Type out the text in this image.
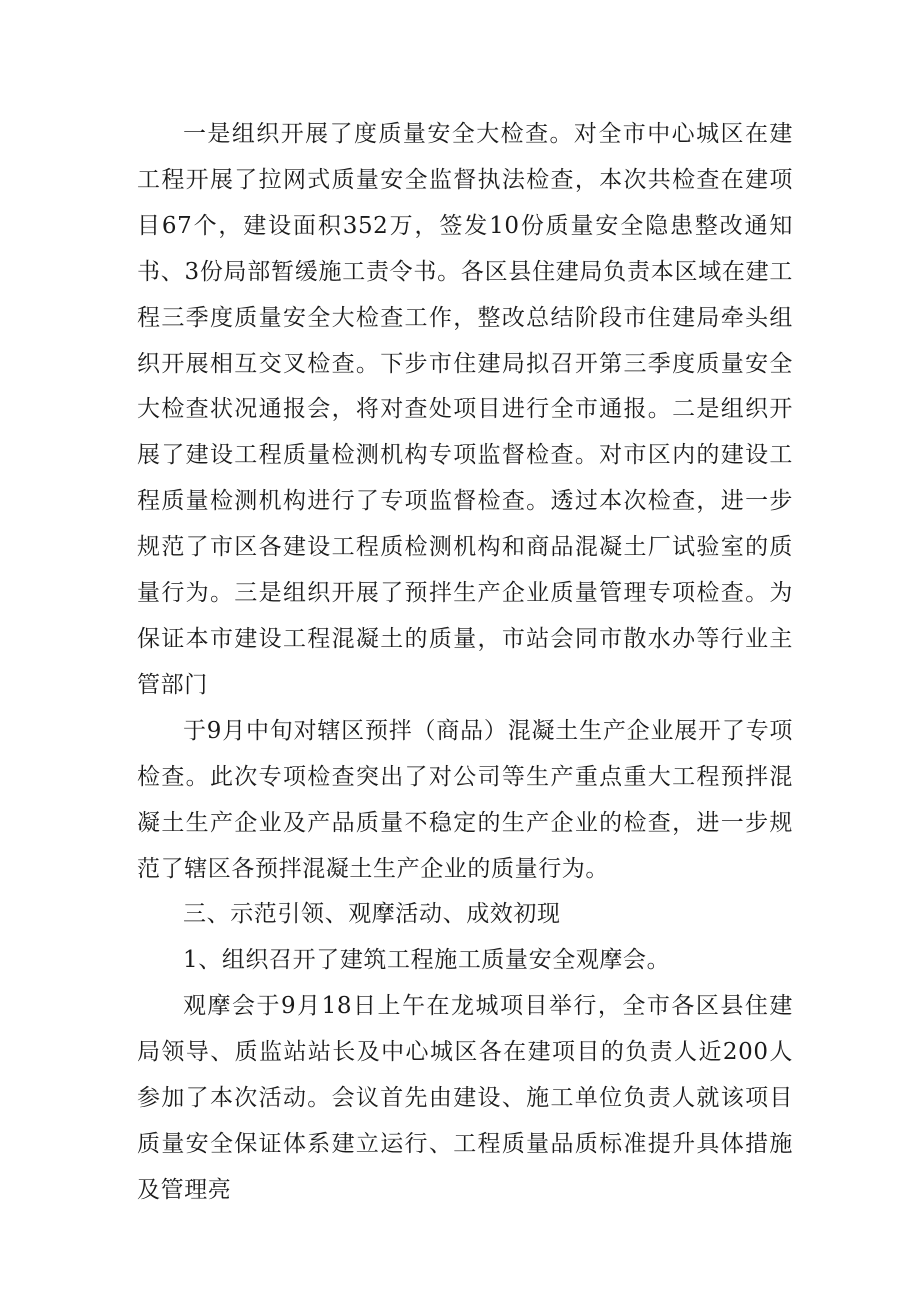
一是组织开展了度质量安全大检查。对全市中心城区在建工程开展了拉网式质量安全监督执法检查，本次共检查在建项目67个，建设面积352万，签发10份质量安全隐患整改通知书、3份局部暂缓施工责令书。各区县住建局负责本区域在建工程三季度质量安全大检查工作，整改总结阶段市住建局牵头组织开展相互交叉检查。下步市住建局拟召开第三季度质量安全大检查状况通报会，将对查处项目进行全市通报。二是组织开展了建设工程质量检测机构专项监督检查。对市区内的建设工程质量检测机构进行了专项监督检查。透过本次检查，进一步规范了市区各建设工程质检测机构和商品混凝土厂试验室的质量行为。三是组织开展了预拌生产企业质量管理专项检查。为保证本市建设工程混凝土的质量，市站会同市散水办等行业主管部门

于9月中旬对辖区预拌（商品）混凝土生产企业展开了专项检查。此次专项检查突出了对公司等生产重点重大工程预拌混凝土生产企业及产品质量不稳定的生产企业的检查，进一步规范了辖区各预拌混凝土生产企业的质量行为。

三、示范引领、观摩活动、成效初现

1、组织召开了建筑工程施工质量安全观摩会。

观摩会于9月18日上午在龙城项目举行，全市各区县住建局领导、质监站站长及中心城区各在建项目的负责人近200人参加了本次活动。会议首先由建设、施工单位负责人就该项目质量安全保证体系建立运行、工程质量品质标准提升具体措施及管理亮
